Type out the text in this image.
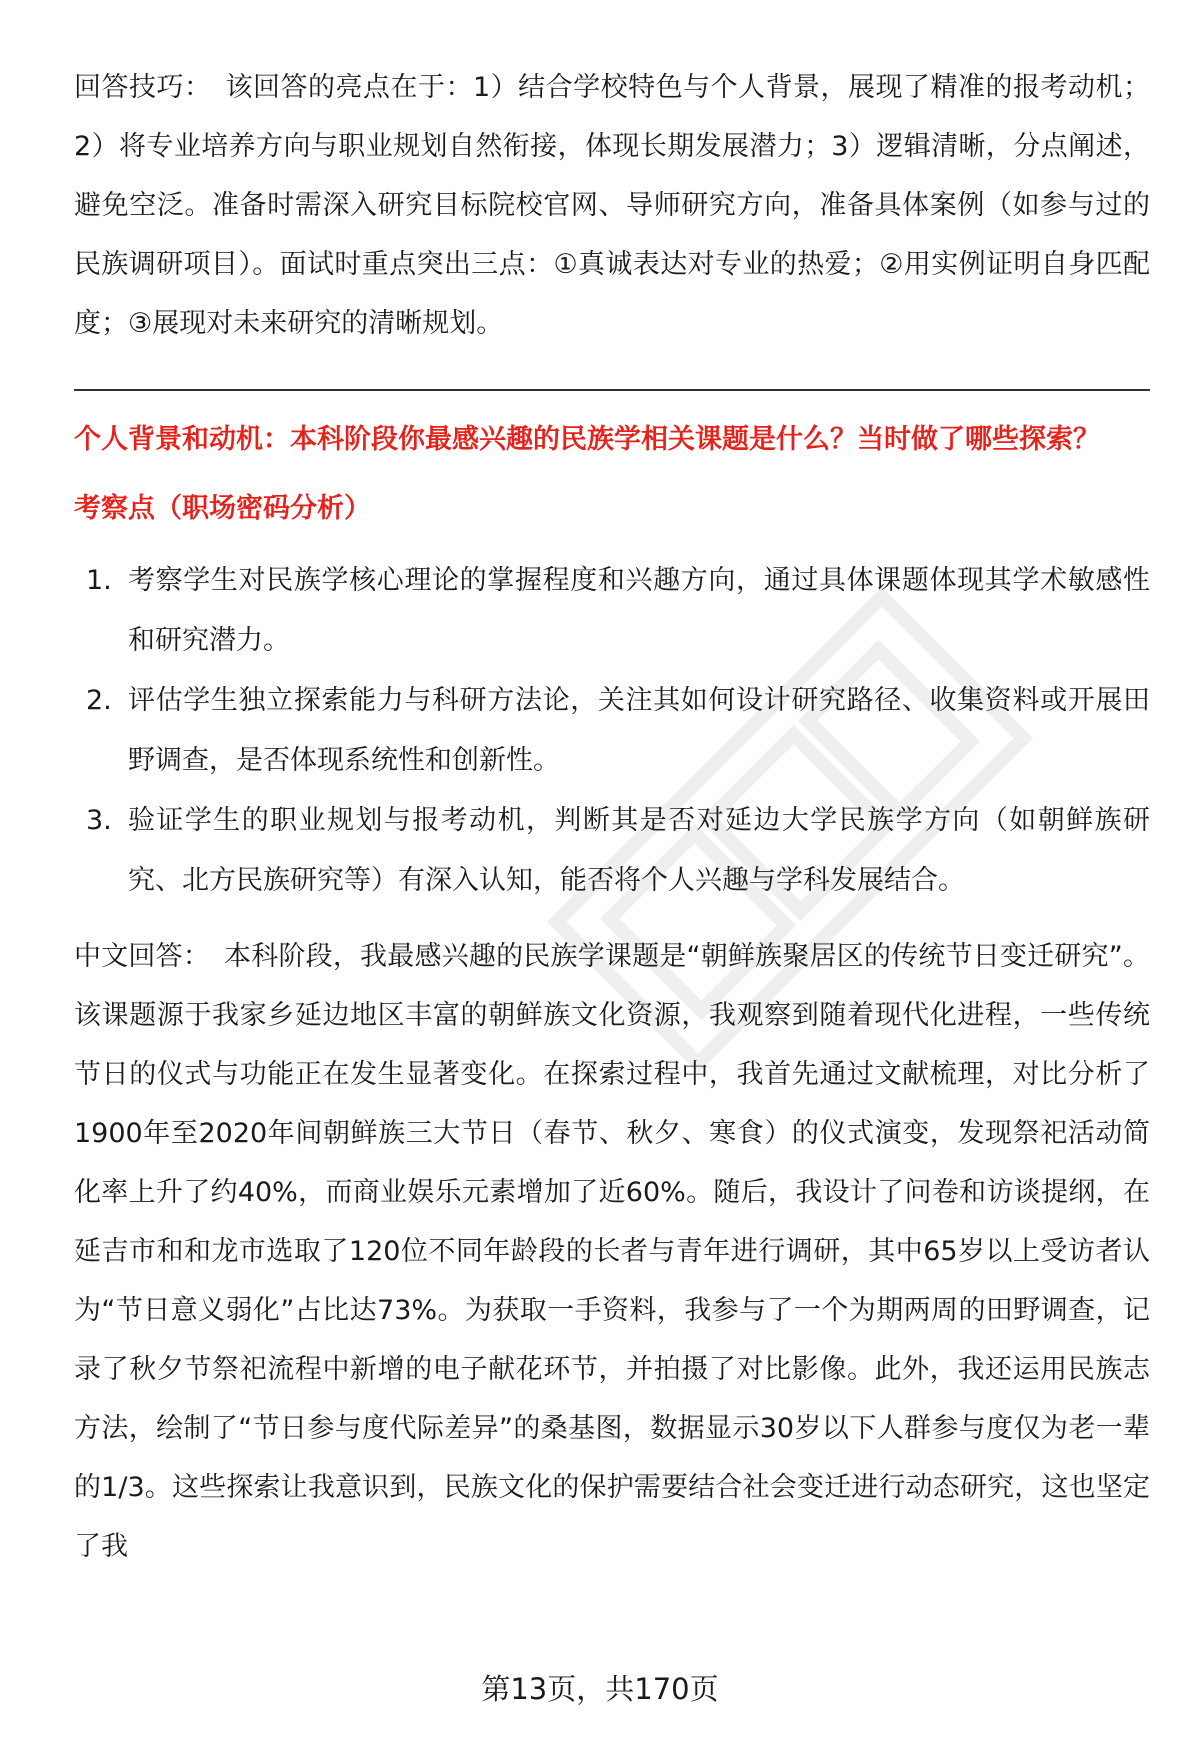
回答技巧： 该回答的亮点在于：1）结合学校特色与个人背景，展现了精准的报考动机；2）将专业培养方向与职业规划自然衔接，体现长期发展潜力；3）逻辑清晰，分点阐述，避免空泛。准备时需深入研究目标院校官网、导师研究方向，准备具体案例（如参与过的民族调研项目）。面试时重点突出三点：①真诚表达对专业的热爱；②用实例证明自身匹配度；③展现对未来研究的清晰规划。

个人背景和动机：本科阶段你最感兴趣的民族学相关课题是什么？当时做了哪些探索？
考察点（职场密码分析）
1. 考察学生对民族学核心理论的掌握程度和兴趣方向，通过具体课题体现其学术敏感性和研究潜力。
2. 评估学生独立探索能力与科研方法论，关注其如何设计研究路径、收集资料或开展田野调查，是否体现系统性和创新性。
3. 验证学生的职业规划与报考动机，判断其是否对延边大学民族学方向（如朝鲜族研究、北方民族研究等）有深入认知，能否将个人兴趣与学科发展结合。

中文回答： 本科阶段，我最感兴趣的民族学课题是“朝鲜族聚居区的传统节日变迁研究”。该课题源于我家乡延边地区丰富的朝鲜族文化资源，我观察到随着现代化进程，一些传统节日的仪式与功能正在发生显著变化。在探索过程中，我首先通过文献梳理，对比分析了1900年至2020年间朝鲜族三大节日（春节、秋夕、寒食）的仪式演变，发现祭祀活动简化率上升了约40%，而商业娱乐元素增加了近60%。随后，我设计了问卷和访谈提纲，在延吉市和和龙市选取了120位不同年龄段的长者与青年进行调研，其中65岁以上受访者认为“节日意义弱化”占比达73%。为获取一手资料，我参与了一个为期两周的田野调查，记录了秋夕节祭祀流程中新增的电子献花环节，并拍摄了对比影像。此外，我还运用民族志方法，绘制了“节日参与度代际差异”的桑基图，数据显示30岁以下人群参与度仅为老一辈的1/3。这些探索让我意识到，民族文化的保护需要结合社会变迁进行动态研究，这也坚定了我

第13页，共170页
